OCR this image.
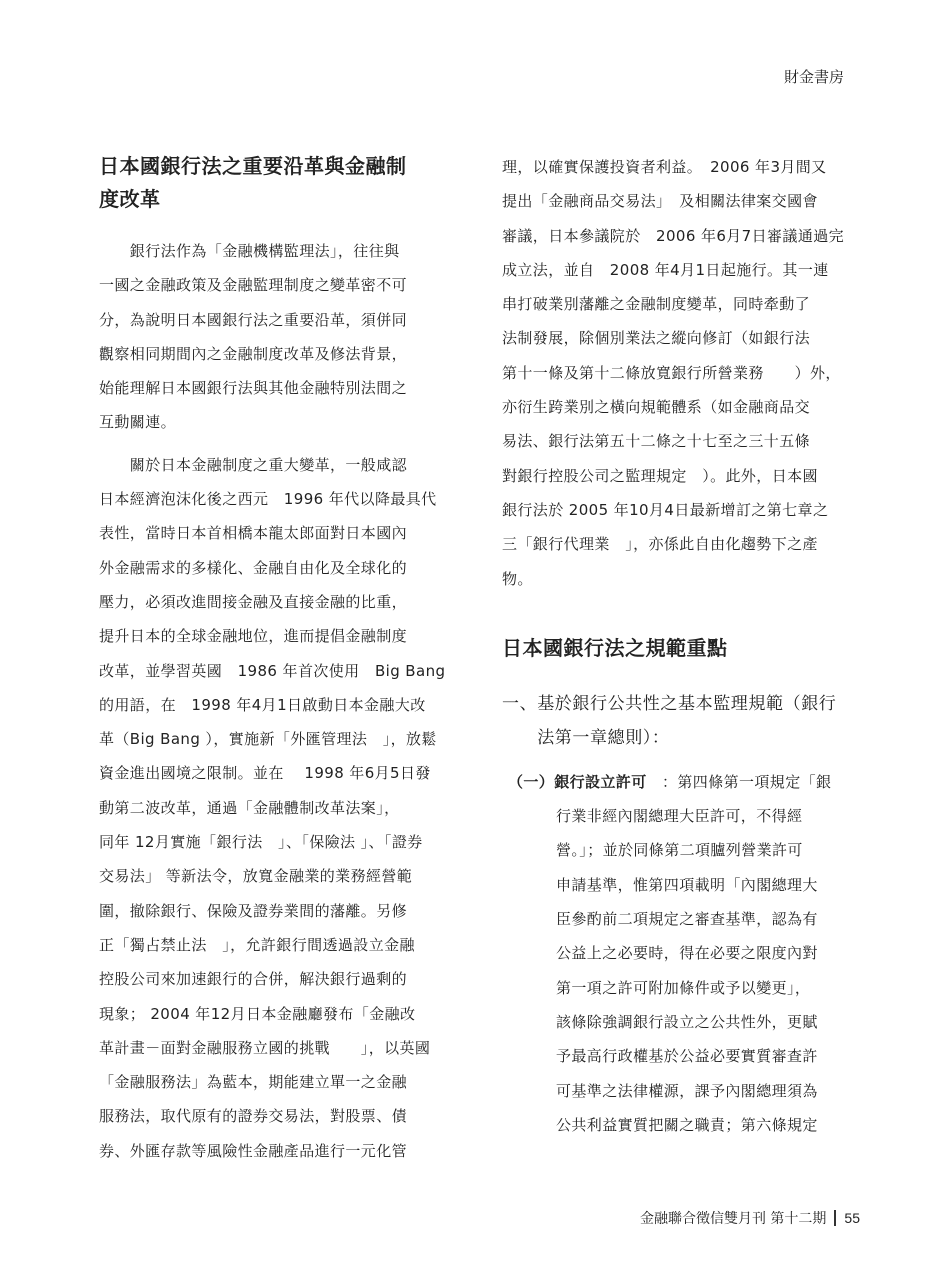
財金書房
日本國銀行法之重要沿革與金融制
度改革
　　銀行法作為「金融機構監理法」，往往與
一國之金融政策及金融監理制度之變革密不可
分，為說明日本國銀行法之重要沿革，須併同
觀察相同期間內之金融制度改革及修法背景，
始能理解日本國銀行法與其他金融特別法間之
互動關連。
　　關於日本金融制度之重大變革，一般咸認
日本經濟泡沫化後之西元　1996 年代以降最具代
表性，當時日本首相橋本龍太郎面對日本國內
外金融需求的多樣化、金融自由化及全球化的
壓力，必須改進間接金融及直接金融的比重，
提升日本的全球金融地位，進而提倡金融制度
改革，並學習英國　1986 年首次使用　Big Bang
的用語，在　1998 年4月1日啟動日本金融大改
革（Big Bang ），實施新「外匯管理法　」，放鬆
資金進出國境之限制。並在　 1998 年6月5日發
動第二波改革，通過「金融體制改革法案」，
同年 12月實施「銀行法　」、「保險法 」、「證券
交易法」 等新法令，放寬金融業的業務經營範
圍，撤除銀行、保險及證券業間的藩離。另修
正「獨占禁止法　」，允許銀行間透過設立金融
控股公司來加速銀行的合併，解決銀行過剩的
現象； 2004 年12月日本金融廳發布「金融改
革計畫－面對金融服務立國的挑戰　　」，以英國
「金融服務法」為藍本，期能建立單一之金融
服務法，取代原有的證券交易法，對股票、債
券、外匯存款等風險性金融產品進行一元化管
理，以確實保護投資者利益。　2006 年3月間又
提出「金融商品交易法」　及相關法律案交國會
審議，日本參議院於　2006 年6月7日審議通過完
成立法，並自　2008 年4月1日起施行。其一連
串打破業別藩離之金融制度變革，同時牽動了
法制發展，除個別業法之縱向修訂（如銀行法
第十一條及第十二條放寬銀行所營業務　　）外，
亦衍生跨業別之橫向規範體系（如金融商品交
易法、銀行法第五十二條之十七至之三十五條
對銀行控股公司之監理規定　）。此外，日本國
銀行法於 2005 年10月4日最新增訂之第七章之
三「銀行代理業　」，亦係此自由化趨勢下之產
物。
日本國銀行法之規範重點
一、基於銀行公共性之基本監理規範（銀行
　　法第一章總則）：
（一）銀行設立許可　：第四條第一項規定「銀
行業非經內閣總理大臣許可，不得經
營。」；並於同條第二項臚列營業許可
申請基準，惟第四項載明「內閣總理大
臣參酌前二項規定之審查基準，認為有
公益上之必要時，得在必要之限度內對
第一項之許可附加條件或予以變更」，
該條除強調銀行設立之公共性外，更賦
予最高行政權基於公益必要實質審查許
可基準之法律權源，課予內閣總理須為
公共利益實質把關之職責；第六條規定
金融聯合徵信雙月刊 第十二期 55
